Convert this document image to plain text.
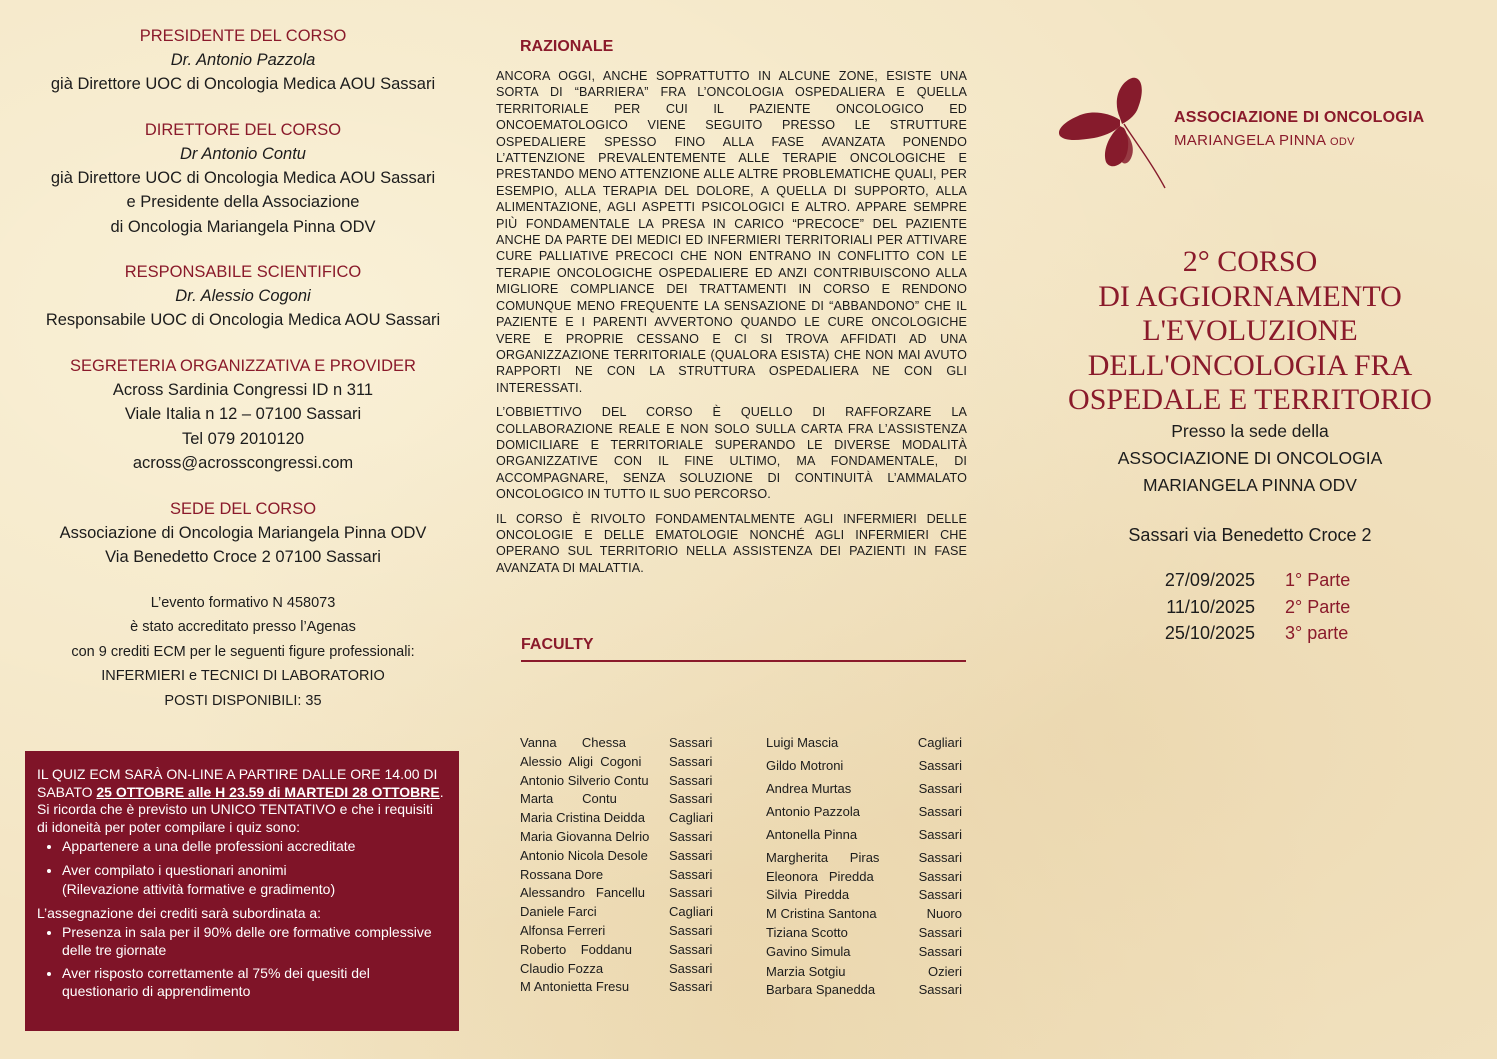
PRESIDENTE DEL CORSO
Dr. Antonio Pazzola
già Direttore UOC di Oncologia Medica AOU Sassari
DIRETTORE DEL CORSO
Dr Antonio Contu
già Direttore UOC di Oncologia Medica AOU Sassari
e Presidente della Associazione
di Oncologia Mariangela Pinna ODV
RESPONSABILE SCIENTIFICO
Dr. Alessio Cogoni
Responsabile UOC di Oncologia Medica AOU Sassari
SEGRETERIA ORGANIZZATIVA E PROVIDER
Across Sardinia Congressi ID n 311
Viale Italia n 12 – 07100 Sassari
Tel 079 2010120
across@acrosscongressi.com
SEDE DEL CORSO
Associazione di Oncologia Mariangela Pinna ODV
Via Benedetto Croce 2 07100 Sassari
L’evento formativo N 458073
è stato accreditato presso l’Agenas
con 9 crediti ECM per le seguenti figure professionali:
INFERMIERI e TECNICI DI LABORATORIO
POSTI DISPONIBILI: 35
IL QUIZ ECM SARÀ ON-LINE A PARTIRE DALLE ORE 14.00 DI SABATO 25 OTTOBRE alle H 23.59 di MARTEDI 28 OTTOBRE. Si ricorda che è previsto un UNICO TENTATIVO e che i requisiti di idoneità per poter compilare i quiz sono:
• Appartenere a una delle professioni accreditate
• Aver compilato i questionari anonimi
(Rilevazione attività formative e gradimento)
L’assegnazione dei crediti sarà subordinata a:
• Presenza in sala per il 90% delle ore formative complessive delle tre giornate
• Aver risposto correttamente al 75% dei quesiti del questionario di apprendimento
RAZIONALE

ANCORA OGGI, ANCHE SOPRATTUTTO IN ALCUNE ZONE, ESISTE UNA SORTA DI “BARRIERA” FRA L’ONCOLOGIA OSPEDALIERA E QUELLA TERRITORIALE PER CUI IL PAZIENTE ONCOLOGICO ED ONCOEMATOLOGICO VIENE SEGUITO PRESSO LE STRUTTURE OSPEDALIERE SPESSO FINO ALLA FASE AVANZATA PONENDO L’ATTENZIONE PREVALENTEMENTE ALLE TERAPIE ONCOLOGICHE E PRESTANDO MENO ATTENZIONE ALLE ALTRE PROBLEMATICHE QUALI, PER ESEMPIO, ALLA TERAPIA DEL DOLORE, A QUELLA DI SUPPORTO, ALLA ALIMENTAZIONE, AGLI ASPETTI PSICOLOGICI E ALTRO. APPARE SEMPRE PIÙ FONDAMENTALE LA PRESA IN CARICO “PRECOCE” DEL PAZIENTE ANCHE DA PARTE DEI MEDICI ED INFERMIERI TERRITORIALI PER ATTIVARE CURE PALLIATIVE PRECOCI CHE NON ENTRANO IN CONFLITTO CON LE TERAPIE ONCOLOGICHE OSPEDALIERE ED ANZI CONTRIBUISCONO ALLA MIGLIORE COMPLIANCE DEI TRATTAMENTI IN CORSO E RENDONO COMUNQUE MENO FREQUENTE LA SENSAZIONE DI “ABBANDONO” CHE IL PAZIENTE E I PARENTI AVVERTONO QUANDO LE CURE ONCOLOGICHE VERE E PROPRIE CESSANO E CI SI TROVA AFFIDATI AD UNA ORGANIZZAZIONE TERRITORIALE (QUALORA ESISTA) CHE NON MAI AVUTO RAPPORTI NE CON LA STRUTTURA OSPEDALIERA NE CON GLI INTERESSATI.

L’OBBIETTIVO DEL CORSO È QUELLO DI RAFFORZARE LA COLLABORAZIONE REALE E NON SOLO SULLA CARTA FRA L’ASSISTENZA DOMICILIARE E TERRITORIALE SUPERANDO LE DIVERSE MODALITÀ ORGANIZZATIVE CON IL FINE ULTIMO, MA FONDAMENTALE, DI ACCOMPAGNARE, SENZA SOLUZIONE DI CONTINUITÀ L’AMMALATO ONCOLOGICO IN TUTTO IL SUO PERCORSO.

IL CORSO È RIVOLTO FONDAMENTALMENTE AGLI INFERMIERI DELLE ONCOLOGIE E DELLE EMATOLOGIE NONCHÉ AGLI INFERMIERI CHE OPERANO SUL TERRITORIO NELLA ASSISTENZA DEI PAZIENTI IN FASE AVANZATA DI MALATTIA.

FACULTY
Vanna       Chessa	Sassari
Alessio  Aligi  Cogoni Sassari
Antonio Silverio Contu Sassari
Marta        Contu	Sassari
Maria Cristina Deidda Cagliari
Maria Giovanna Delrio Sassari
Antonio Nicola Desole Sassari
Rossana Dore	Sassari
Alessandro   Fancellu Sassari
Daniele Farci	Cagliari
Alfonsa Ferreri	Sassari
Roberto    Foddanu	Sassari
Claudio Fozza	Sassari
M Antonietta Fresu	Sassari
Luigi Mascia	Cagliari
Gildo Motroni	Sassari
Andrea Murtas	Sassari
Antonio Pazzola	Sassari
Antonella Pinna	Sassari
Margherita      Piras	Sassari
Eleonora   Piredda	Sassari
Silvia  Piredda	Sassari
M Cristina Santona	Nuoro
Tiziana Scotto	Sassari
Gavino Simula	Sassari
Marzia Sotgiu	Ozieri
Barbara Spanedda	Sassari
ASSOCIAZIONE DI ONCOLOGIA
MARIANGELA PINNA ODV
2° CORSO
DI AGGIORNAMENTO
L'EVOLUZIONE
DELL'ONCOLOGIA FRA
OSPEDALE E TERRITORIO
Presso la sede della
ASSOCIAZIONE DI ONCOLOGIA
MARIANGELA PINNA ODV
Sassari via Benedetto Croce 2
27/09/2025 1° Parte
11/10/2025 2° Parte
25/10/2025 3° parte
